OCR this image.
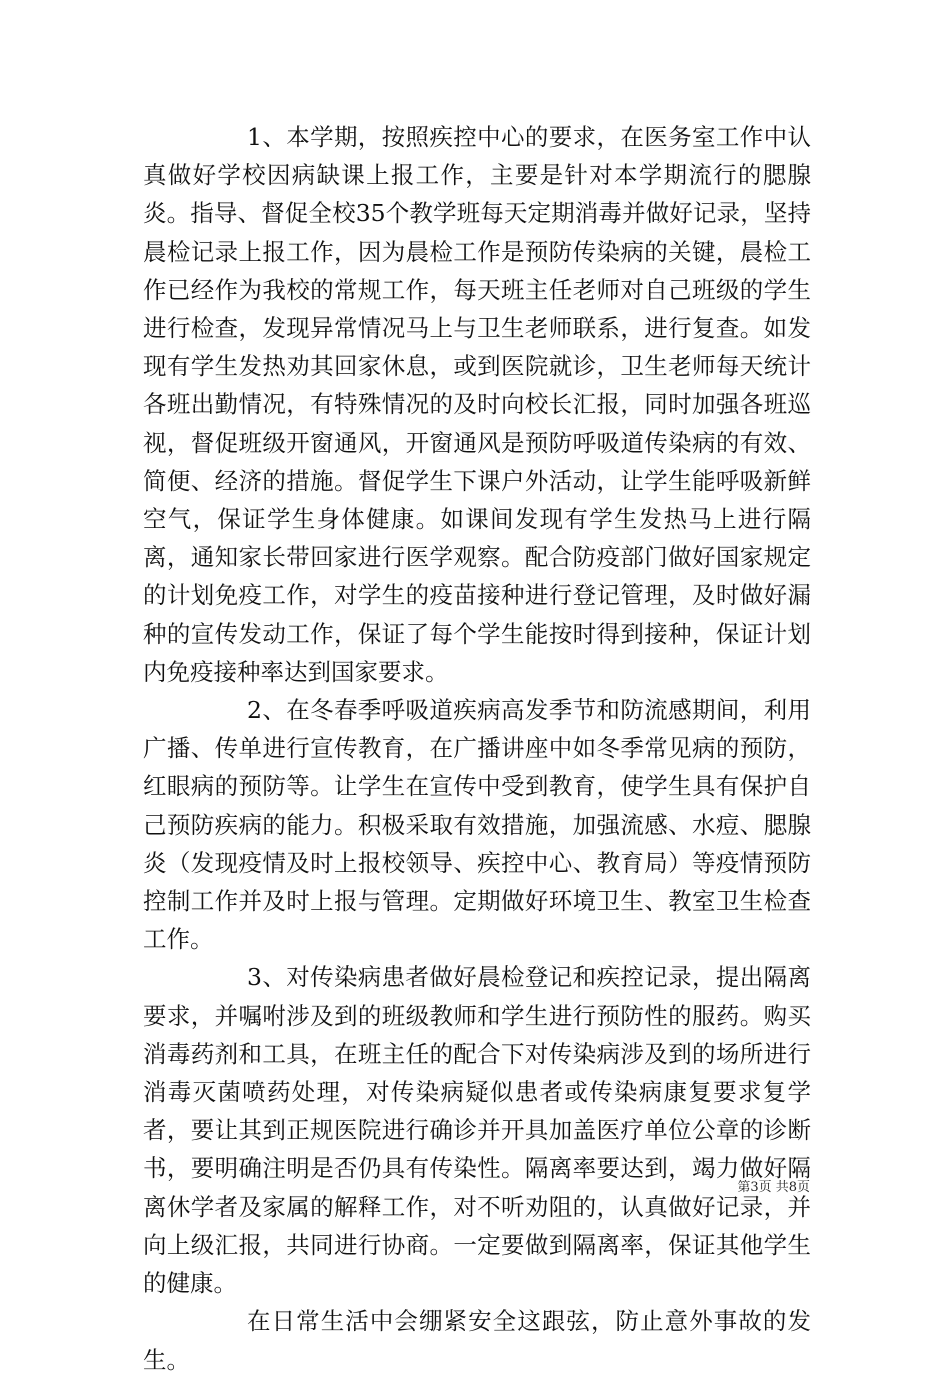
1、本学期，按照疾控中心的要求，在医务室工作中认真做好学校因病缺课上报工作，主要是针对本学期流行的腮腺炎。指导、督促全校35个教学班每天定期消毒并做好记录，坚持晨检记录上报工作，因为晨检工作是预防传染病的关键，晨检工作已经作为我校的常规工作，每天班主任老师对自己班级的学生进行检查，发现异常情况马上与卫生老师联系，进行复查。如发现有学生发热劝其回家休息，或到医院就诊，卫生老师每天统计各班出勤情况，有特殊情况的及时向校长汇报，同时加强各班巡视，督促班级开窗通风，开窗通风是预防呼吸道传染病的有效、简便、经济的措施。督促学生下课户外活动，让学生能呼吸新鲜空气，保证学生身体健康。如课间发现有学生发热马上进行隔离，通知家长带回家进行医学观察。配合防疫部门做好国家规定的计划免疫工作，对学生的疫苗接种进行登记管理，及时做好漏种的宣传发动工作，保证了每个学生能按时得到接种，保证计划内免疫接种率达到国家要求。

2、在冬春季呼吸道疾病高发季节和防流感期间，利用广播、传单进行宣传教育，在广播讲座中如冬季常见病的预防，红眼病的预防等。让学生在宣传中受到教育，使学生具有保护自己预防疾病的能力。积极采取有效措施，加强流感、水痘、腮腺炎（发现疫情及时上报校领导、疾控中心、教育局）等疫情预防控制工作并及时上报与管理。定期做好环境卫生、教室卫生检查工作。

3、对传染病患者做好晨检登记和疾控记录，提出隔离要求，并嘱咐涉及到的班级教师和学生进行预防性的服药。购买消毒药剂和工具，在班主任的配合下对传染病涉及到的场所进行消毒灭菌喷药处理，对传染病疑似患者或传染病康复要求复学者，要让其到正规医院进行确诊并开具加盖医疗单位公章的诊断书，要明确注明是否仍具有传染性。隔离率要达到，竭力做好隔离休学者及家属的解释工作，对不听劝阻的，认真做好记录，并向上级汇报，共同进行协商。一定要做到隔离率，保证其他学生的健康。

在日常生活中会绷紧安全这跟弦，防止意外事故的发生。

第3页 共8页
